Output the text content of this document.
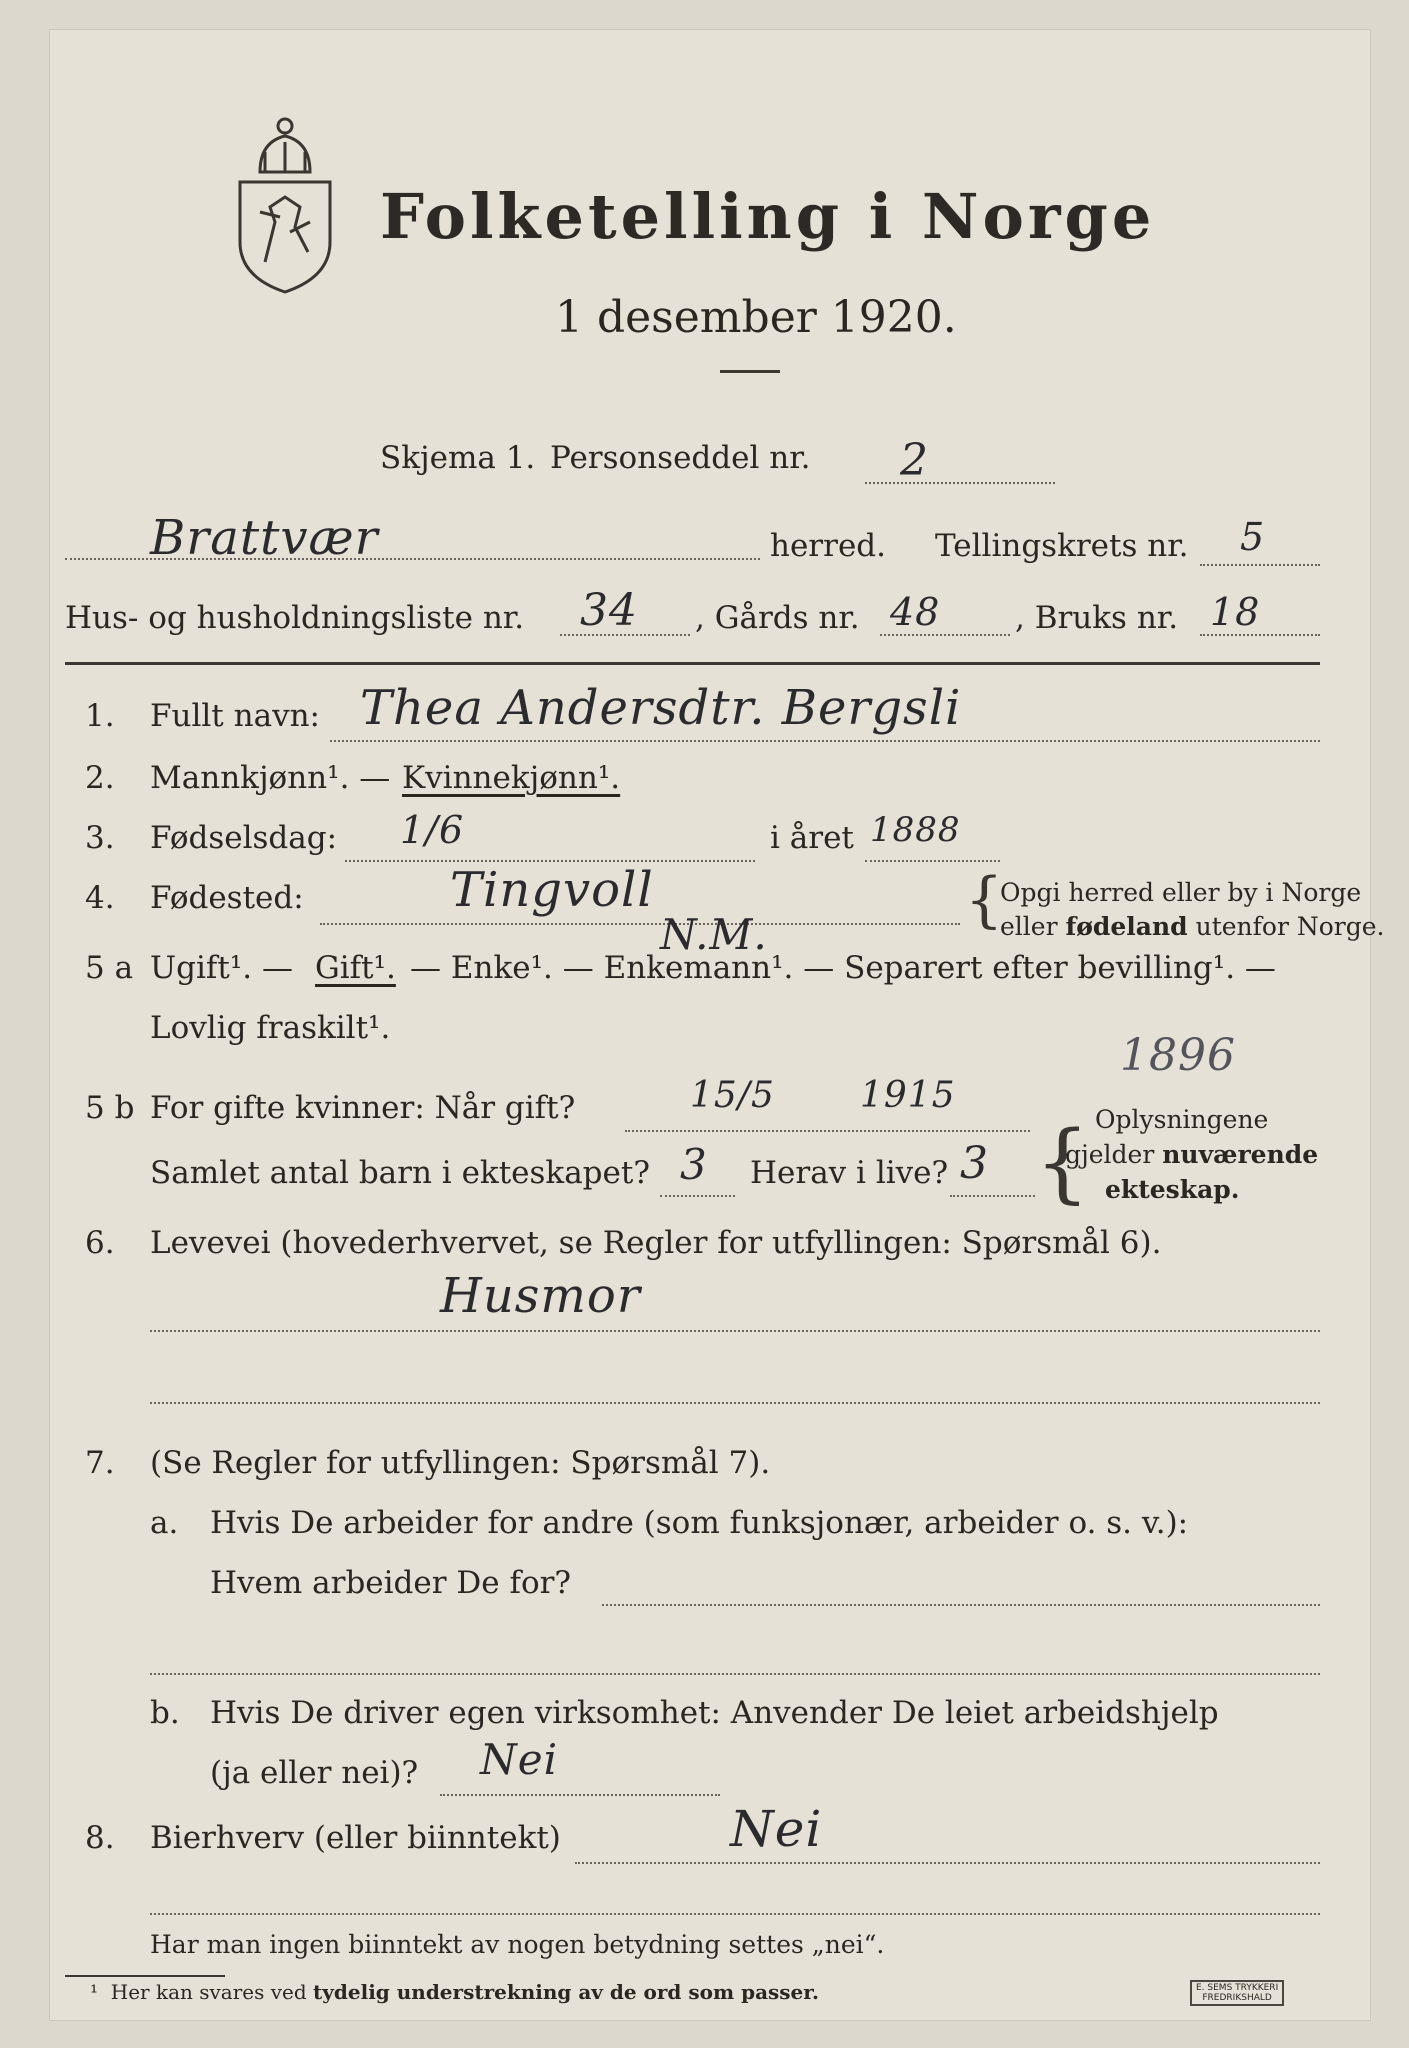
Folketelling i Norge
1 desember 1920.
Skjema 1. Personseddel nr. 2
Brattvær	herred. Tellingskrets nr. 5
Hus- og husholdningsliste nr. 34 , Gårds nr. 48 , Bruks nr. 18
1. Fullt navn: Thea Andersdtr. Bergsli
2. Mannkjønn¹. — Kvinnekjønn¹.
3. Fødselsdag: 1/6	i året 1888
4. Fødested:	Tingvoll
N.M.	{
Opgi herred eller by i Norge
eller fødeland utenfor Norge.
5 a Ugift¹. — Gift¹. — Enke¹. — Enkemann¹. — Separert efter bevilling¹. —
Lovlig fraskilt¹.
1896
5 b For gifte kvinner: Når gift?	15/5 1915
Samlet antal barn i ekteskapet? 3 Herav i live? 3 { Oplysningene
gjelder nuværende
ekteskap.
6. Levevei (hovederhvervet, se Regler for utfyllingen: Spørsmål 6).
Husmor
7. (Se Regler for utfyllingen: Spørsmål 7).
a. Hvis De arbeider for andre (som funksjonær, arbeider o. s. v.):
Hvem arbeider De for?
b. Hvis De driver egen virksomhet: Anvender De leiet arbeidshjelp
(ja eller nei)? Nei
8. Bierhverv (eller biinntekt)	Nei
Har man ingen biinntekt av nogen betydning settes „nei“.
¹ Her kan svares ved tydelig understrekning av de ord som passer.	E. SEMS TRYKKERI
FREDRIKSHALD
